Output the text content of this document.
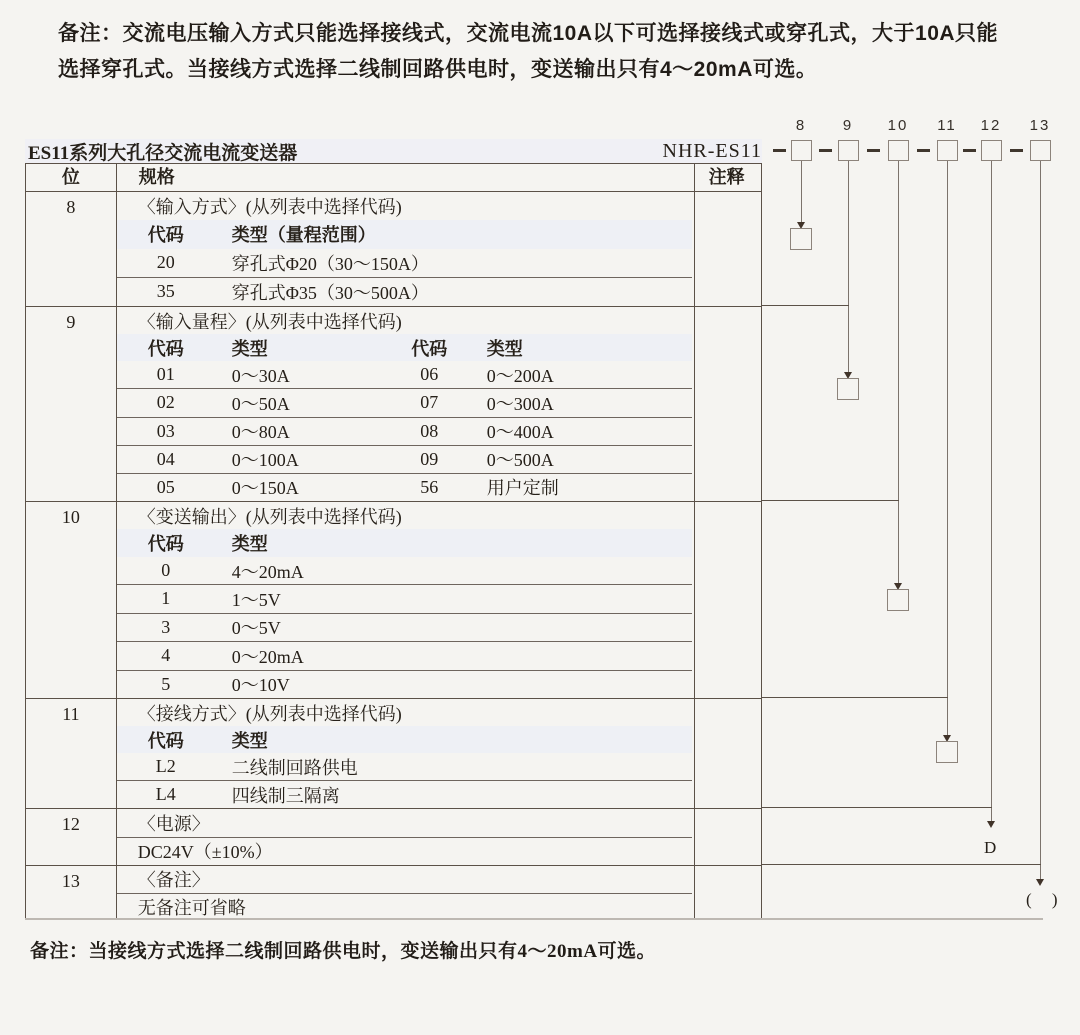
备注：交流电压输入方式只能选择接线式，交流电流10A以下可选择接线式或穿孔式，大于10A只能
选择穿孔式。当接线方式选择二线制回路供电时，变送输出只有4～20mA可选。
ES11系列大孔径交流电流变送器	NHR-ES11
位	规格	注释
8	〈输入方式〉(从列表中选择代码)
代码	类型（量程范围）
20	穿孔式Φ20（30～150A）
35	穿孔式Φ35（30～500A）
9	〈输入量程〉(从列表中选择代码)
代码	类型	代码	类型
01	0～30A	06	0～200A
02	0～50A	07	0～300A
03	0～80A	08	0～400A
04	0～100A	09	0～500A
05	0～150A	56	用户定制
10	〈变送输出〉(从列表中选择代码)
代码	类型
0	4～20mA
1	1～5V
3	0～5V
4	0～20mA
5	0～10V
11	〈接线方式〉(从列表中选择代码)
代码	类型
L2	二线制回路供电
L4	四线制三隔离
12	〈电源〉
DC24V（±10%）
13	〈备注〉
无备注可省略
8	9	10	11	12	13
D
( )
备注：当接线方式选择二线制回路供电时，变送输出只有4～20mA可选。
